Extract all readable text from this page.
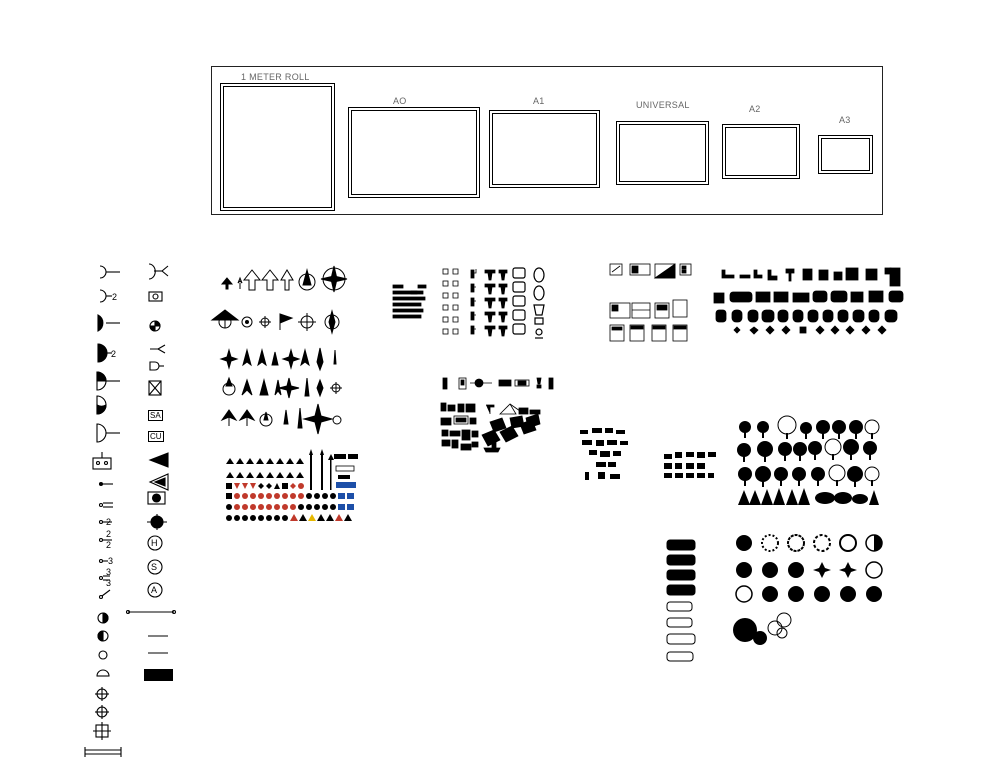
1 METER ROLL
AO	A1	UNIVERSAL	A2
A3
2
2
2
2
2
3
3
3
H
S
A
SA
CU
